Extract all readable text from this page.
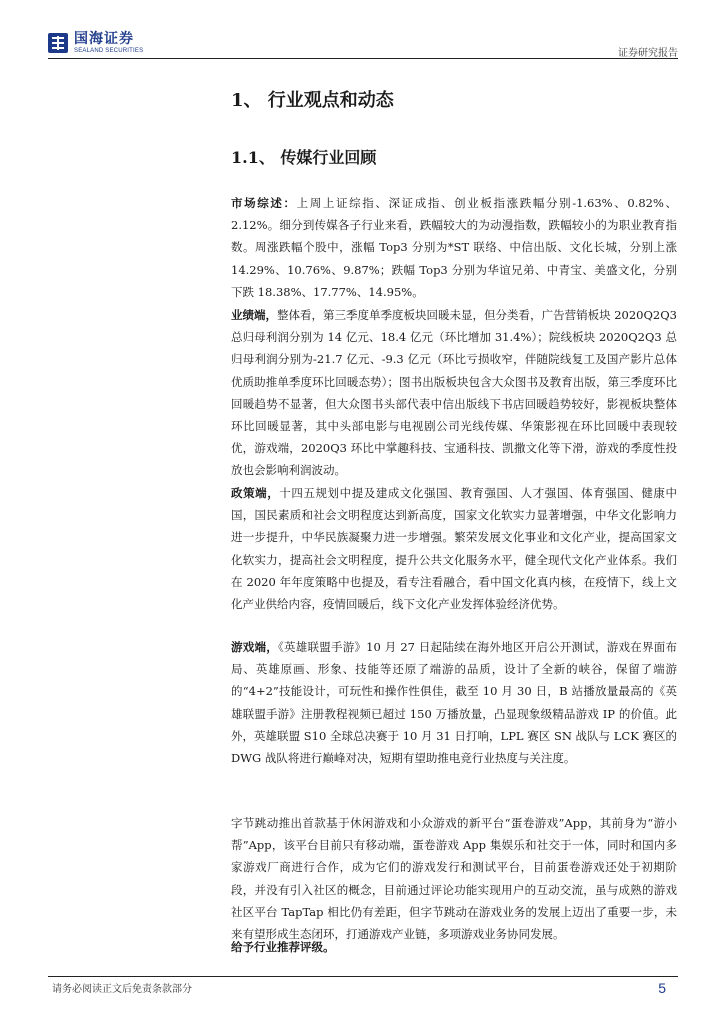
国海证券
SEALAND SECURITIES	证券研究报告
1、 行业观点和动态
1.1、 传媒行业回顾

市场综述：上周上证综指、深证成指、创业板指涨跌幅分别-1.63%、0.82%、2.12%。细分到传媒各子行业来看，跌幅较大的为动漫指数，跌幅较小的为职业教育指数。周涨跌幅个股中，涨幅 Top3 分别为*ST 联络、中信出版、文化长城，分别上涨 14.29%、10.76%、9.87%；跌幅 Top3 分别为华谊兄弟、中青宝、美盛文化，分别下跌 18.38%、17.77%、14.95%。

业绩端，整体看，第三季度单季度板块回暖未显，但分类看，广告营销板块 2020Q2Q3 总归母利润分别为 14 亿元、18.4 亿元（环比增加 31.4%）；院线板块 2020Q2Q3 总归母利润分别为-21.7 亿元、-9.3 亿元（环比亏损收窄，伴随院线复工及国产影片总体优质助推单季度环比回暖态势）；图书出版板块包含大众图书及教育出版，第三季度环比回暖趋势不显著，但大众图书头部代表中信出版线下书店回暖趋势较好，影视板块整体环比回暖显著，其中头部电影与电视剧公司光线传媒、华策影视在环比回暖中表现较优，游戏端，2020Q3 环比中掌趣科技、宝通科技、凯撒文化等下滑，游戏的季度性投放也会影响利润波动。

政策端，十四五规划中提及建成文化强国、教育强国、人才强国、体育强国、健康中国，国民素质和社会文明程度达到新高度，国家文化软实力显著增强，中华文化影响力进一步提升，中华民族凝聚力进一步增强。繁荣发展文化事业和文化产业，提高国家文化软实力，提高社会文明程度，提升公共文化服务水平，健全现代文化产业体系。我们在 2020 年年度策略中也提及，看专注看融合，看中国文化真内核，在疫情下，线上文化产业供给内容，疫情回暖后，线下文化产业发挥体验经济优势。

游戏端，《英雄联盟手游》10 月 27 日起陆续在海外地区开启公开测试，游戏在界面布局、英雄原画、形象、技能等还原了端游的品质，设计了全新的峡谷，保留了端游的“4+2”技能设计，可玩性和操作性俱佳，截至 10 月 30 日，B 站播放量最高的《英雄联盟手游》注册教程视频已超过 150 万播放量，凸显现象级精品游戏 IP 的价值。此外，英雄联盟 S10 全球总决赛于 10 月 31 日打响，LPL 赛区 SN 战队与 LCK 赛区的 DWG 战队将进行巅峰对决，短期有望助推电竞行业热度与关注度。

字节跳动推出首款基于休闲游戏和小众游戏的新平台“蛋卷游戏”App，其前身为“游小帮”App，该平台目前只有移动端，蛋卷游戏 App 集娱乐和社交于一体，同时和国内多家游戏厂商进行合作，成为它们的游戏发行和测试平台，目前蛋卷游戏还处于初期阶段，并没有引入社区的概念，目前通过评论功能实现用户的互动交流，虽与成熟的游戏社区平台 TapTap 相比仍有差距，但字节跳动在游戏业务的发展上迈出了重要一步，未来有望形成生态闭环，打通游戏产业链，多项游戏业务协同发展。

给予行业推荐评级。

请务必阅读正文后免责条款部分	5
